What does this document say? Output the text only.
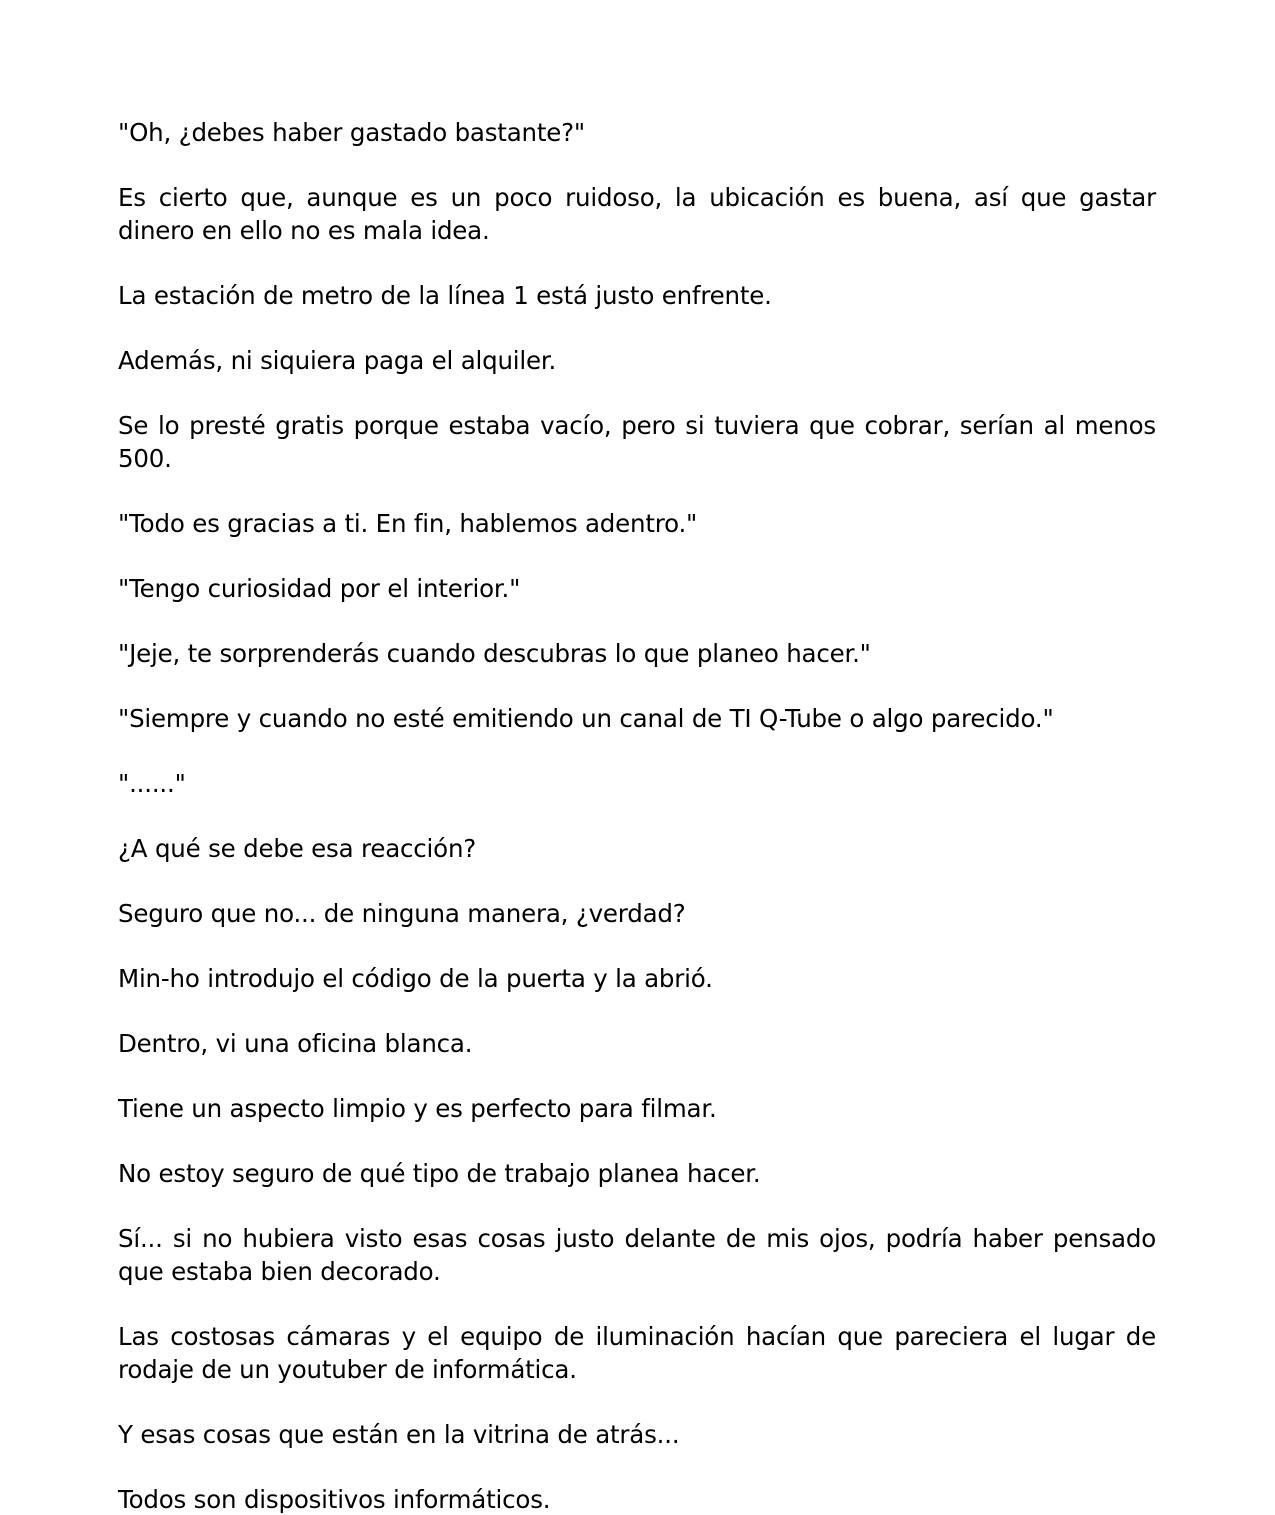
"Oh, ¿debes haber gastado bastante?"

Es cierto que, aunque es un poco ruidoso, la ubicación es buena, así que gastar dinero en ello no es mala idea.

La estación de metro de la línea 1 está justo enfrente.

Además, ni siquiera paga el alquiler.

Se lo presté gratis porque estaba vacío, pero si tuviera que cobrar, serían al menos 500.

"Todo es gracias a ti. En fin, hablemos adentro."

"Tengo curiosidad por el interior."

"Jeje, te sorprenderás cuando descubras lo que planeo hacer."

"Siempre y cuando no esté emitiendo un canal de TI Q-Tube o algo parecido."

"......"

¿A qué se debe esa reacción?

Seguro que no... de ninguna manera, ¿verdad?

Min-ho introdujo el código de la puerta y la abrió.

Dentro, vi una oficina blanca.

Tiene un aspecto limpio y es perfecto para filmar.

No estoy seguro de qué tipo de trabajo planea hacer.

Sí... si no hubiera visto esas cosas justo delante de mis ojos, podría haber pensado que estaba bien decorado.

Las costosas cámaras y el equipo de iluminación hacían que pareciera el lugar de rodaje de un youtuber de informática.

Y esas cosas que están en la vitrina de atrás...

Todos son dispositivos informáticos.
